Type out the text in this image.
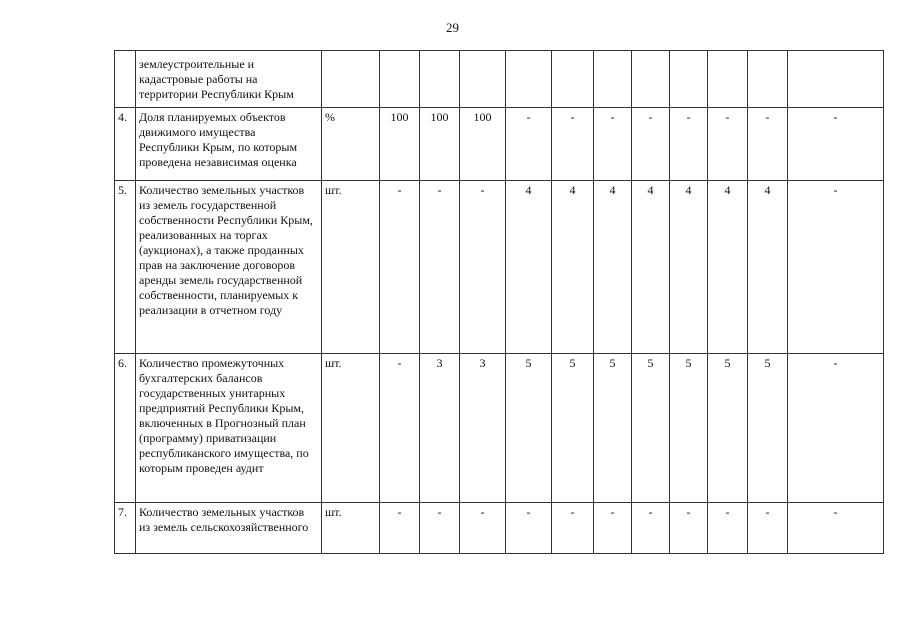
29
	землеустроительные и кадастровые работы на территории Республики Крым												
4.	Доля планируемых объектов движимого имущества Республики Крым, по которым проведена независимая оценка	%	100	100	100	-	-	-	-	-	-	-	-
5.	Количество земельных участков из земель государственной собственности Республики Крым, реализованных на торгах (аукционах), а также проданных прав на заключение договоров аренды земель государственной собственности, планируемых к реализации в отчетном году	шт.	-	-	-	4	4	4	4	4	4	4	-
6.	Количество промежуточных бухгалтерских балансов государственных унитарных предприятий Республики Крым, включенных в Прогнозный план (программу) приватизации республиканского имущества, по которым проведен аудит	шт.	-	3	3	5	5	5	5	5	5	5	-
7.	Количество земельных участков из земель сельскохозяйственного	шт.	-	-	-	-	-	-	-	-	-	-	-
